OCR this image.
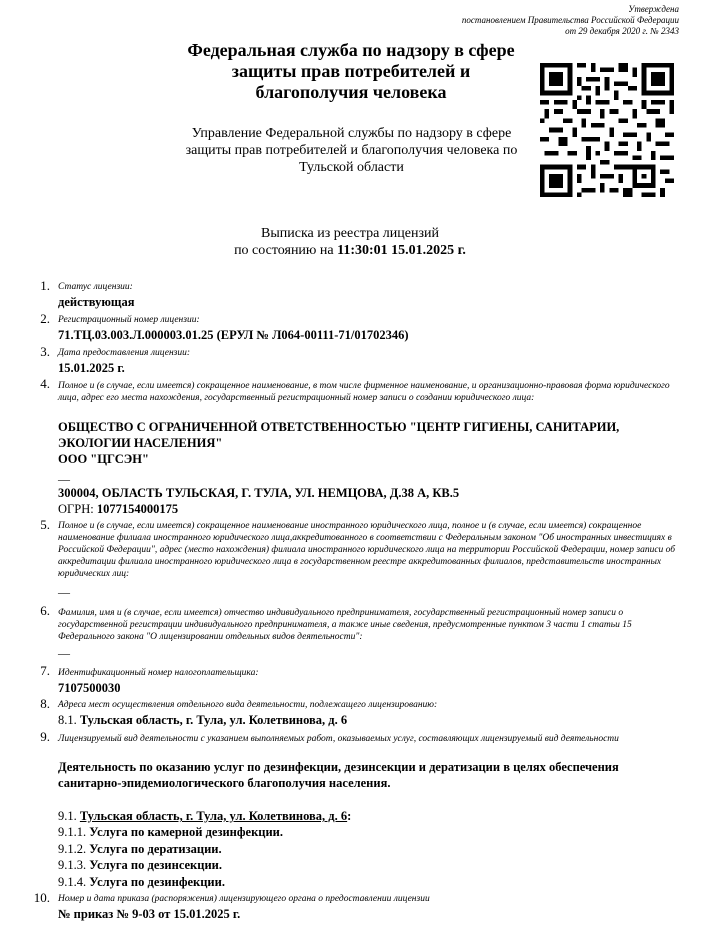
Утверждена
постановлением Правительства Российской Федерации
от 29 декабря 2020 г. № 2343
Федеральная служба по надзору в сфере защиты прав потребителей и благополучия человека
Управление Федеральной службы по надзору в сфере защиты прав потребителей и благополучия человека по Тульской области
Выписка из реестра лицензий
по состоянию на 11:30:01 15.01.2025 г.
1. Статус лицензии:
действующая
2. Регистрационный номер лицензии:
71.ТЦ.03.003.Л.000003.01.25 (ЕРУЛ № Л064-00111-71/01702346)
3. Дата предоставления лицензии:
15.01.2025 г.
4. Полное и (в случае, если имеется) сокращенное наименование, в том числе фирменное наименование, и организационно-правовая форма юридического лица, адрес его места нахождения, государственный регистрационный номер записи о создании юридического лица:
ОБЩЕСТВО С ОГРАНИЧЕННОЙ ОТВЕТСТВЕННОСТЬЮ "ЦЕНТР ГИГИЕНЫ, САНИТАРИИ, ЭКОЛОГИИ НАСЕЛЕНИЯ"
ООО "ЦГСЭН"
—
300004, ОБЛАСТЬ ТУЛЬСКАЯ, Г. ТУЛА, УЛ. НЕМЦОВА, Д.38 А, КВ.5
ОГРН: 1077154000175
5. Полное и (в случае, если имеется) сокращенное наименование иностранного юридического лица, полное и (в случае, если имеется) сокращенное наименование филиала иностранного юридического лица,аккредитованного в соответствии с Федеральным законом "Об иностранных инвестициях в Российской Федерации", адрес (место нахождения) филиала иностранного юридического лица на территории Российской Федерации, номер записи об аккредитации филиала иностранного юридического лица в государственном реестре аккредитованных филиалов, представительств иностранных юридических лиц:
—
6. Фамилия, имя и (в случае, если имеется) отчество индивидуального предпринимателя, государственный регистрационный номер записи о государственной регистрации индивидуального предпринимателя, а также иные сведения, предусмотренные пунктом 3 части 1 статьи 15 Федерального закона "О лицензировании отдельных видов деятельности":
—
7. Идентификационный номер налогоплательщика:
7107500030
8. Адреса мест осуществления отдельного вида деятельности, подлежащего лицензированию:
8.1. Тульская область, г. Тула, ул. Колетвинова, д. 6
9. Лицензируемый вид деятельности с указанием выполняемых работ, оказываемых услуг, составляющих лицензируемый вид деятельности
Деятельность по оказанию услуг по дезинфекции, дезинсекции и дератизации в целях обеспечения санитарно-эпидемиологического благополучия населения.
9.1. Тульская область, г. Тула, ул. Колетвинова, д. 6:
9.1.1. Услуга по камерной дезинфекции.
9.1.2. Услуга по дератизации.
9.1.3. Услуга по дезинсекции.
9.1.4. Услуга по дезинфекции.
10. Номер и дата приказа (распоряжения) лицензирующего органа о предоставлении лицензии
№ приказ № 9-03 от 15.01.2025 г.
